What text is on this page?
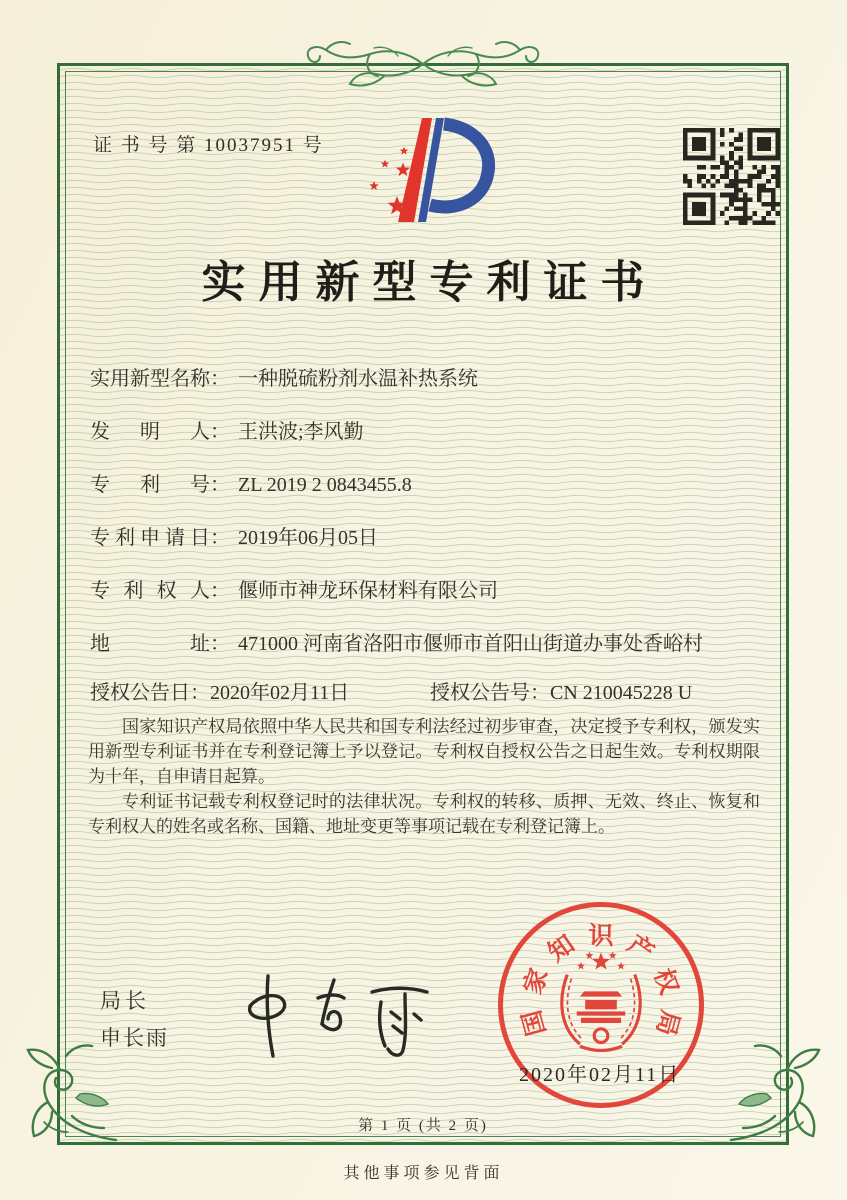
证 书 号 第 10037951 号
实用新型专利证书
实用新型名称： 一种脱硫粉剂水温补热系统
发明人： 王洪波;李风勤
专利号： ZL 2019 2 0843455.8
专利申请日： 2019年06月05日
专利权人： 偃师市神龙环保材料有限公司
地址： 471000 河南省洛阳市偃师市首阳山街道办事处香峪村
授权公告日：2020年02月11日	授权公告号：CN 210045228 U

国家知识产权局依照中华人民共和国专利法经过初步审查，决定授予专利权，颁发实用新型专利证书并在专利登记簿上予以登记。专利权自授权公告之日起生效。专利权期限为十年，自申请日起算。

专利证书记载专利权登记时的法律状况。专利权的转移、质押、无效、终止、恢复和专利权人的姓名或名称、国籍、地址变更等事项记载在专利登记簿上。

局长
申长雨	国
家
知 识 产
权
局
2020年02月11日
第 1 页 (共 2 页)
其他事项参见背面
